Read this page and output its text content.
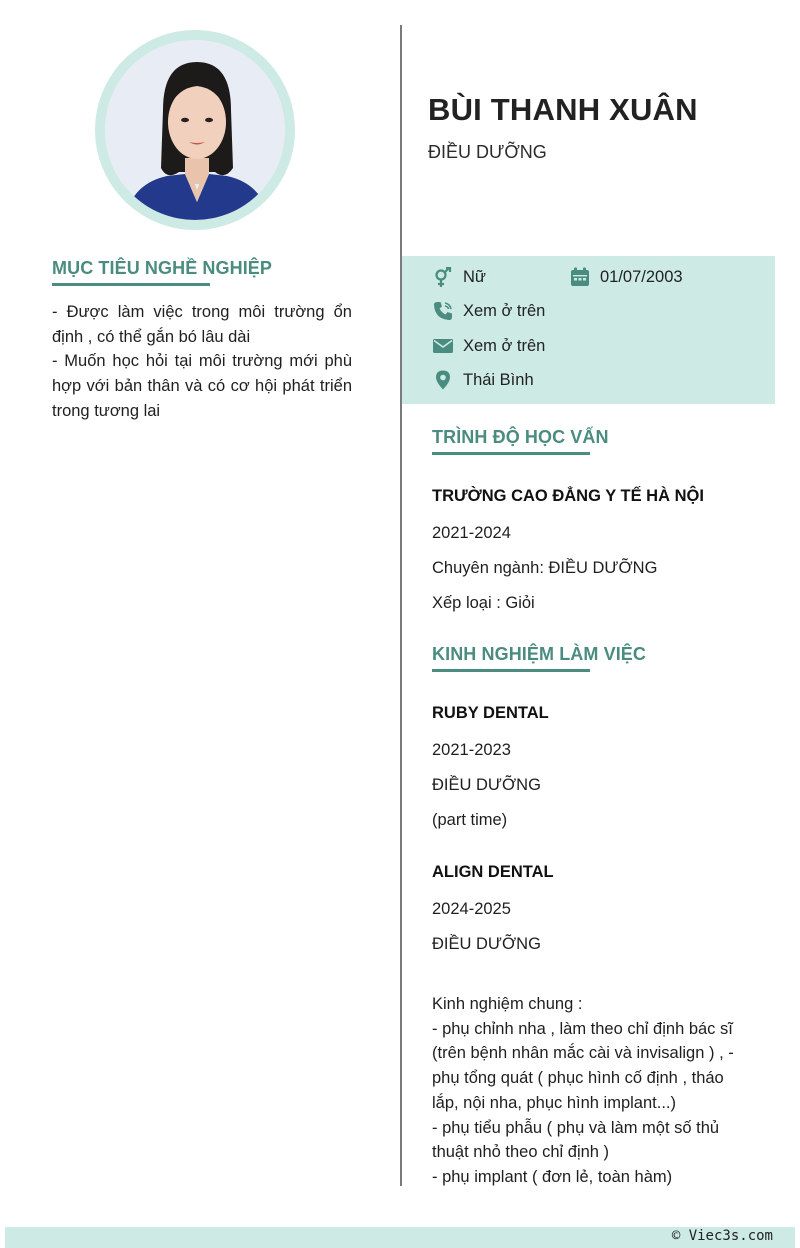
MỤC TIÊU NGHỀ NGHIỆP

- Được làm việc trong môi trường ổn định , có thể gắn bó lâu dài

- Muốn học hỏi tại môi trường mới phù hợp với bản thân và có cơ hội phát triển trong tương lai

BÙI THANH XUÂN
ĐIỀU DƯỠNG
Nữ	01/07/2003
Xem ở trên
Xem ở trên
Thái Bình
TRÌNH ĐỘ HỌC VẤN
TRƯỜNG CAO ĐẲNG Y TẾ HÀ NỘI
2021-2024
Chuyên ngành: ĐIỀU DƯỠNG
Xếp loại : Giỏi
KINH NGHIỆM LÀM VIỆC
RUBY DENTAL
2021-2023
ĐIỀU DƯỠNG
(part time)
ALIGN DENTAL
2024-2025
ĐIỀU DƯỠNG

Kinh nghiệm chung :

- phụ chỉnh nha , làm theo chỉ định bác sĩ (trên bệnh nhân mắc cài và invisalign ) , - phụ tổng quát ( phục hình cố định , tháo lắp, nội nha, phục hình implant...)

- phụ tiểu phẫu ( phụ và làm một số thủ thuật nhỏ theo chỉ định )

- phụ implant ( đơn lẻ, toàn hàm)

© Viec3s.com
